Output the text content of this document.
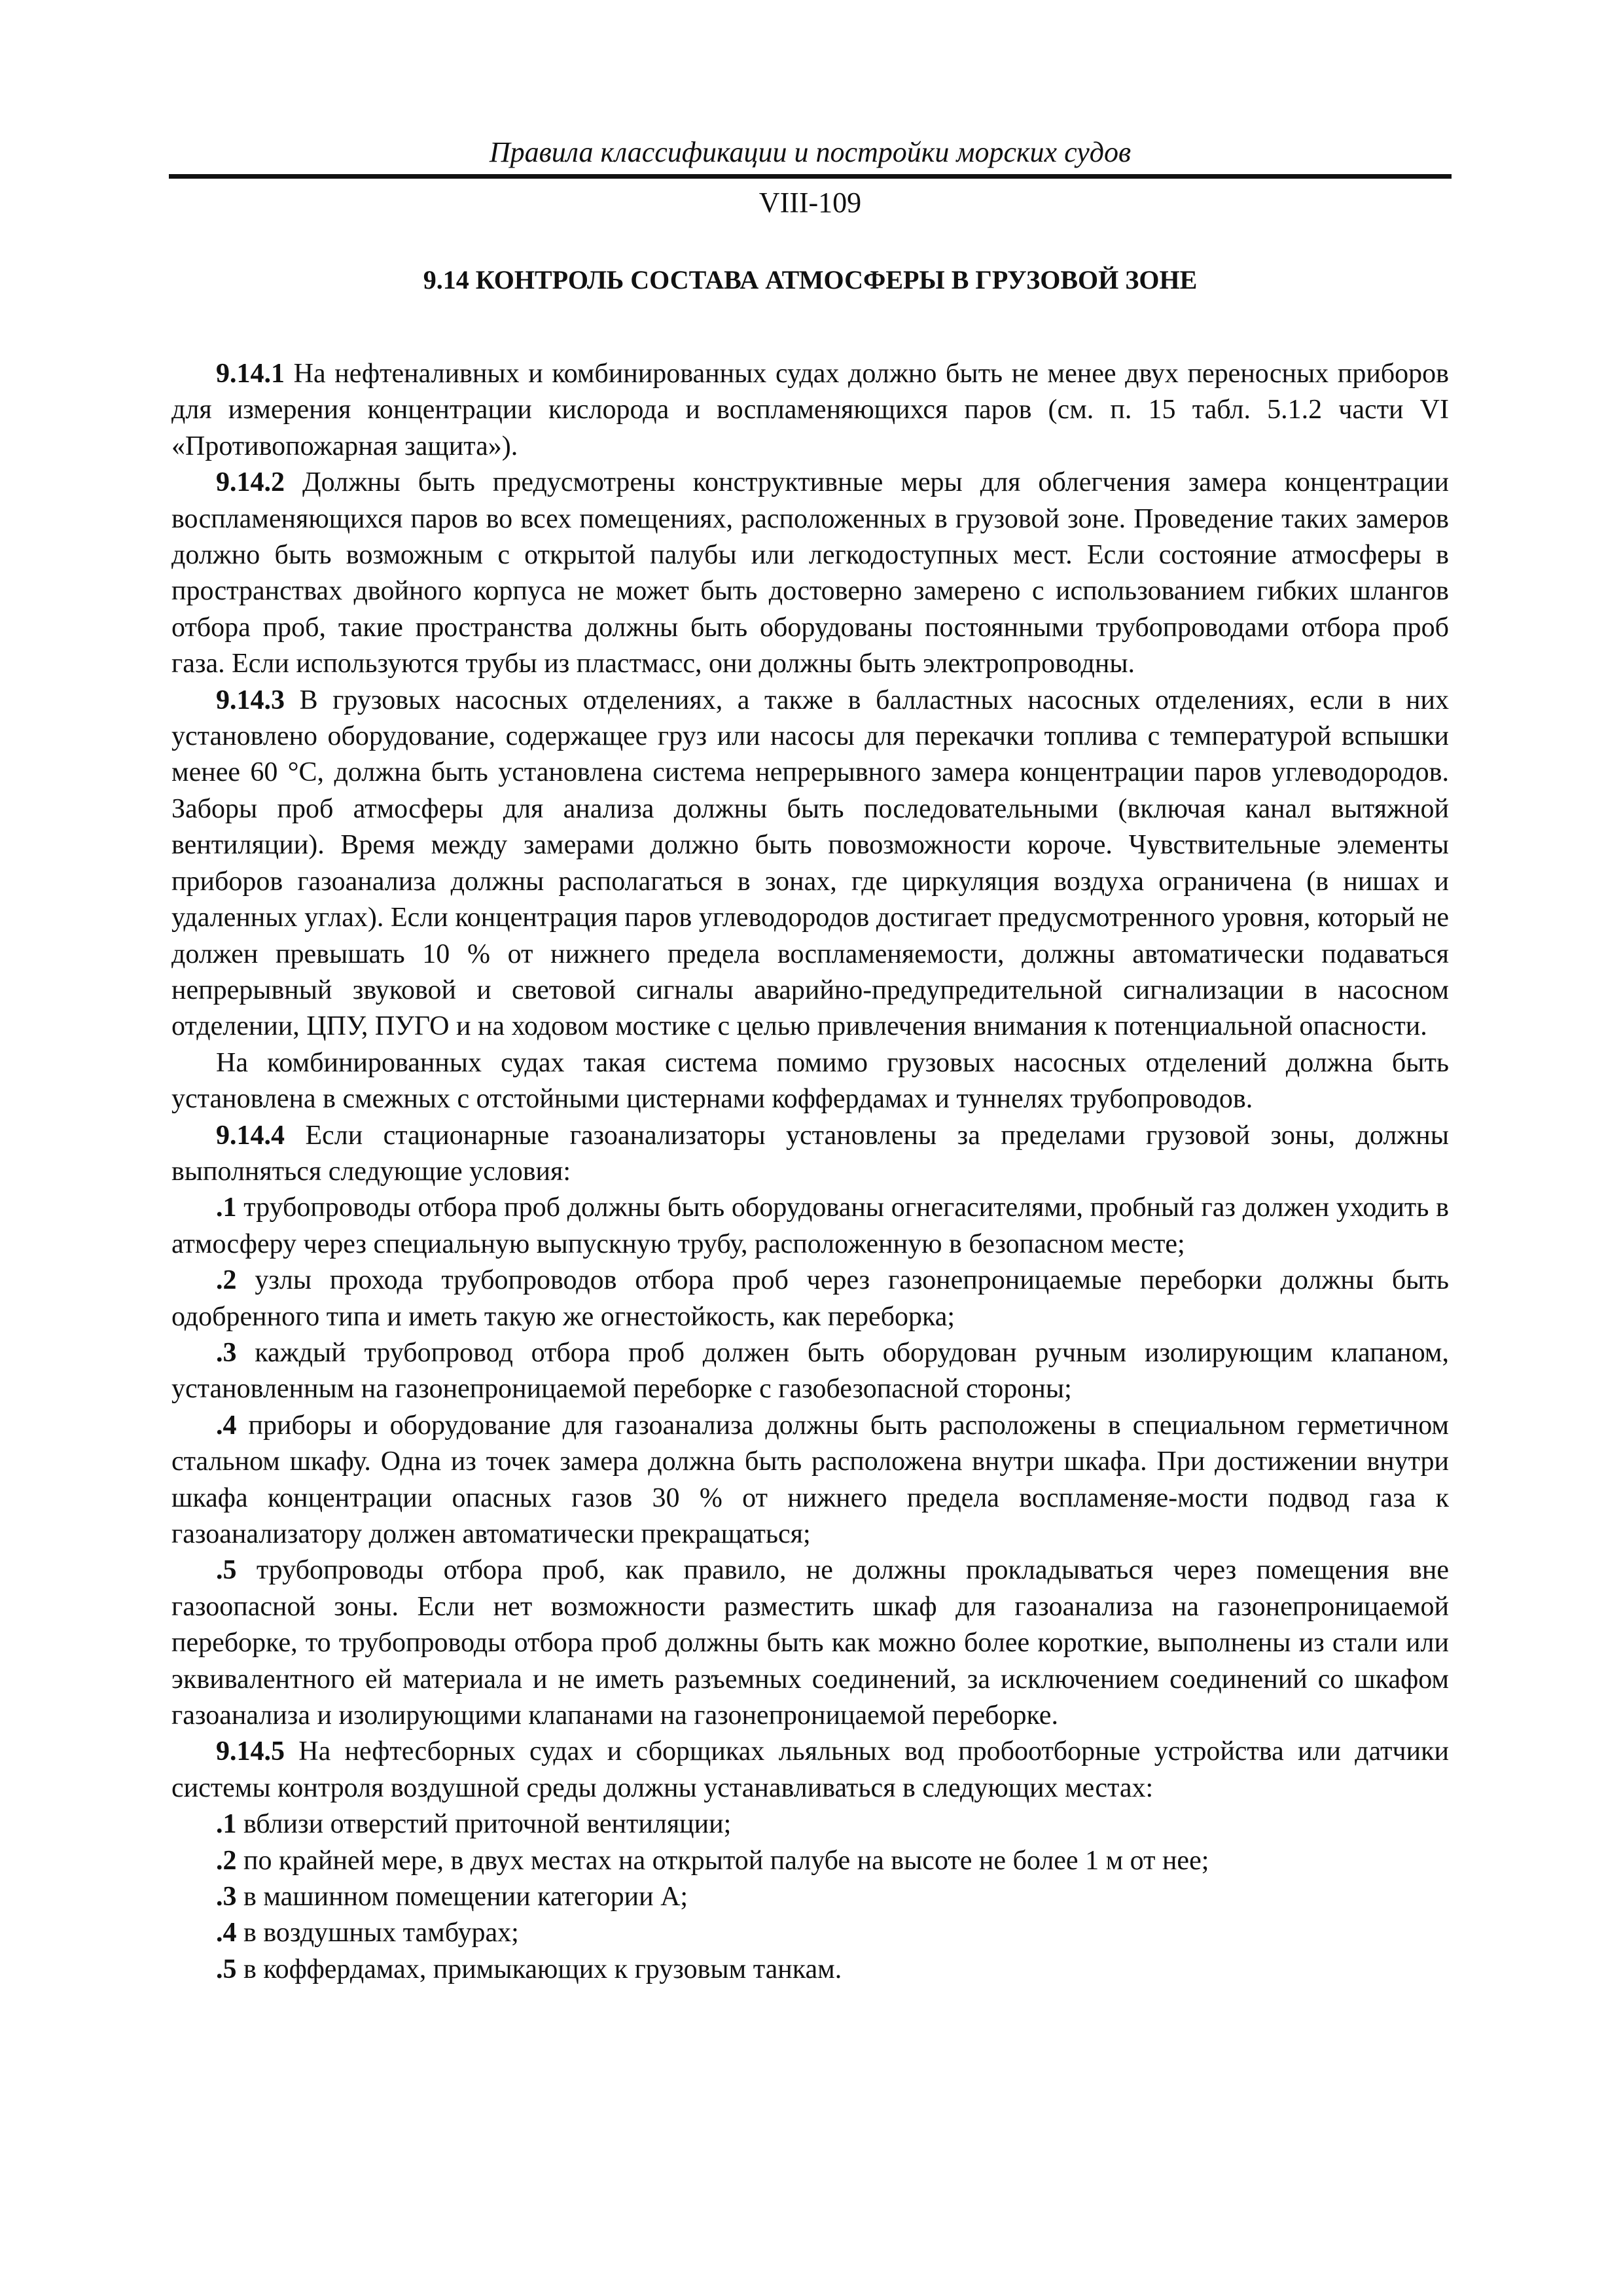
Правила классификации и постройки морских судов
VIII-109
9.14 КОНТРОЛЬ СОСТАВА АТМОСФЕРЫ В ГРУЗОВОЙ ЗОНЕ

9.14.1 На нефтеналивных и комбинированных судах должно быть не менее двух переносных приборов для измерения концентрации кислорода и воспламеняющихся паров (см. п. 15 табл. 5.1.2 части VI «Противопожарная защита»).

9.14.2 Должны быть предусмотрены конструктивные меры для облегчения замера концентрации воспламеняющихся паров во всех помещениях, расположенных в грузовой зоне. Проведение таких замеров должно быть возможным с открытой палубы или легкодоступных мест. Если состояние атмосферы в пространствах двойного корпуса не может быть достоверно замерено с использованием гибких шлангов отбора проб, такие пространства должны быть оборудованы постоянными трубопроводами отбора проб газа. Если используются трубы из пластмасс, они должны быть электропроводны.

9.14.3 В грузовых насосных отделениях, а также в балластных насосных отделениях, если в них установлено оборудование, содержащее груз или насосы для перекачки топлива с температурой вспышки менее 60 °C, должна быть установлена система непрерывного замера концентрации паров углеводородов. Заборы проб атмосферы для анализа должны быть последовательными (включая канал вытяжной вентиляции). Время между замерами должно быть повозможности короче. Чувствительные элементы приборов газоанализа должны располагаться в зонах, где циркуляция воздуха ограничена (в нишах и удаленных углах). Если концентрация паров углеводородов достигает предусмотренного уровня, который не должен превышать 10 % от нижнего предела воспламеняемости, должны автоматически подаваться непрерывный звуковой и световой сигналы аварийно-предупредительной сигнализации в насосном отделении, ЦПУ, ПУГО и на ходовом мостике с целью привлечения внимания к потенциальной опасности.

На комбинированных судах такая система помимо грузовых насосных отделений должна быть установлена в смежных с отстойными цистернами коффердамах и туннелях трубопроводов.

9.14.4 Если стационарные газоанализаторы установлены за пределами грузовой зоны, должны выполняться следующие условия:

.1 трубопроводы отбора проб должны быть оборудованы огнегасителями, пробный газ должен уходить в атмосферу через специальную выпускную трубу, расположенную в безопасном месте;

.2 узлы прохода трубопроводов отбора проб через газонепроницаемые переборки должны быть одобренного типа и иметь такую же огнестойкость, как переборка;

.3 каждый трубопровод отбора проб должен быть оборудован ручным изолирующим клапаном, установленным на газонепроницаемой переборке с газобезопасной стороны;

.4 приборы и оборудование для газоанализа должны быть расположены в специальном герметичном стальном шкафу. Одна из точек замера должна быть расположена внутри шкафа. При достижении внутри шкафа концентрации опасных газов 30 % от нижнего предела воспламеняе-мости подвод газа к газоанализатору должен автоматически прекращаться;

.5 трубопроводы отбора проб, как правило, не должны прокладываться через помещения вне газоопасной зоны. Если нет возможности разместить шкаф для газоанализа на газонепроницаемой переборке, то трубопроводы отбора проб должны быть как можно более короткие, выполнены из стали или эквивалентного ей материала и не иметь разъемных соединений, за исключением соединений со шкафом газоанализа и изолирующими клапанами на газонепроницаемой переборке.

9.14.5 На нефтесборных судах и сборщиках льяльных вод пробоотборные устройства или датчики системы контроля воздушной среды должны устанавливаться в следующих местах:

.1 вблизи отверстий приточной вентиляции;

.2 по крайней мере, в двух местах на открытой палубе на высоте не более 1 м от нее;

.3 в машинном помещении категории А;

.4 в воздушных тамбурах;

.5 в коффердамах, примыкающих к грузовым танкам.
